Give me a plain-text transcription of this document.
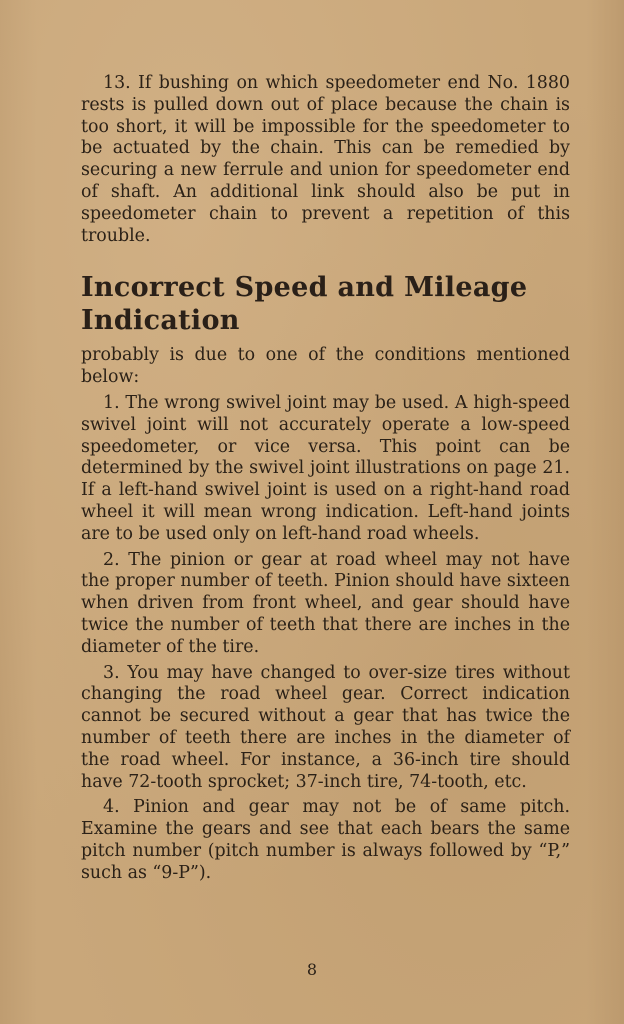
13. If bushing on which speedometer end No. 1880 rests is pulled down out of place because the chain is too short, it will be impossible for the speedometer to be actuated by the chain. This can be remedied by securing a new ferrule and union for speedometer end of shaft. An additional link should also be put in speedometer chain to prevent a repetition of this trouble.

Incorrect Speed and Mileage Indication

probably is due to one of the conditions mentioned below:

1. The wrong swivel joint may be used. A high-speed swivel joint will not accurately operate a low-speed speedometer, or vice versa. This point can be determined by the swivel joint illustrations on page 21. If a left-hand swivel joint is used on a right-hand road wheel it will mean wrong indication. Left-hand joints are to be used only on left-hand road wheels.

2. The pinion or gear at road wheel may not have the proper number of teeth. Pinion should have sixteen when driven from front wheel, and gear should have twice the number of teeth that there are inches in the diameter of the tire.

3. You may have changed to over-size tires without changing the road wheel gear. Correct indication cannot be secured without a gear that has twice the number of teeth there are inches in the diameter of the road wheel. For instance, a 36-inch tire should have 72-tooth sprocket; 37-inch tire, 74-tooth, etc.

4. Pinion and gear may not be of same pitch. Examine the gears and see that each bears the same pitch number (pitch number is always followed by “P,” such as “9-P”).

8
